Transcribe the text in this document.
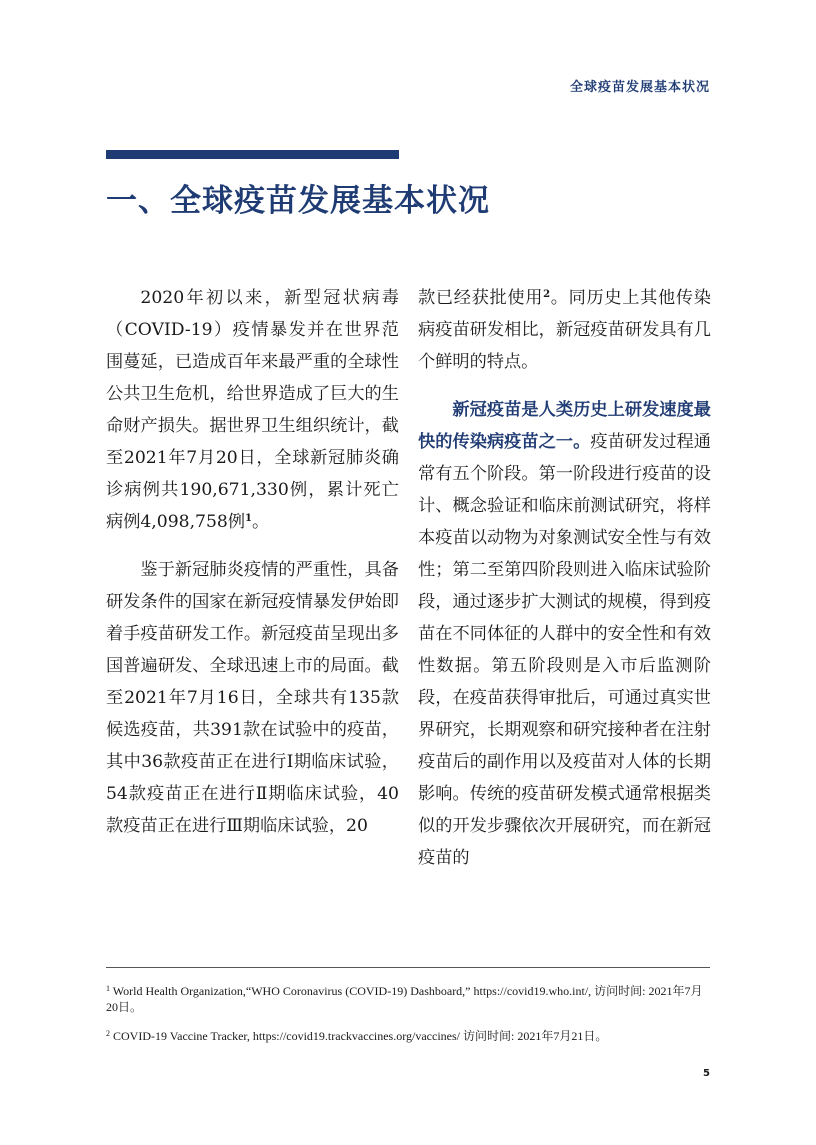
全球疫苗发展基本状况
一、全球疫苗发展基本状况

2020年初以来，新型冠状病毒（COVID-19）疫情暴发并在世界范围蔓延，已造成百年来最严重的全球性公共卫生危机，给世界造成了巨大的生命财产损失。据世界卫生组织统计，截至2021年7月20日，全球新冠肺炎确诊病例共190,671,330例，累计死亡病例4,098,758例$^1$。

鉴于新冠肺炎疫情的严重性，具备研发条件的国家在新冠疫情暴发伊始即着手疫苗研发工作。新冠疫苗呈现出多国普遍研发、全球迅速上市的局面。截至2021年7月16日，全球共有135款候选疫苗，共391款在试验中的疫苗，其中36款疫苗正在进行Ⅰ期临床试验，54款疫苗正在进行Ⅱ期临床试验，40款疫苗正在进行Ⅲ期临床试验，20

款已经获批使用$^2$。同历史上其他传染病疫苗研发相比，新冠疫苗研发具有几个鲜明的特点。

新冠疫苗是人类历史上研发速度最快的传染病疫苗之一。疫苗研发过程通常有五个阶段。第一阶段进行疫苗的设计、概念验证和临床前测试研究，将样本疫苗以动物为对象测试安全性与有效性；第二至第四阶段则进入临床试验阶段，通过逐步扩大测试的规模，得到疫苗在不同体征的人群中的安全性和有效性数据。第五阶段则是入市后监测阶段，在疫苗获得审批后，可通过真实世界研究，长期观察和研究接种者在注射疫苗后的副作用以及疫苗对人体的长期影响。传统的疫苗研发模式通常根据类似的开发步骤依次开展研究，而在新冠疫苗的

$^1$ World Health Organization,“WHO Coronavirus (COVID-19) Dashboard,” https://covid19.who.int/, 访问时间: 2021年7月20日。

$^2$ COVID-19 Vaccine Tracker, https://covid19.trackvaccines.org/vaccines/ 访问时间: 2021年7月21日。

5
